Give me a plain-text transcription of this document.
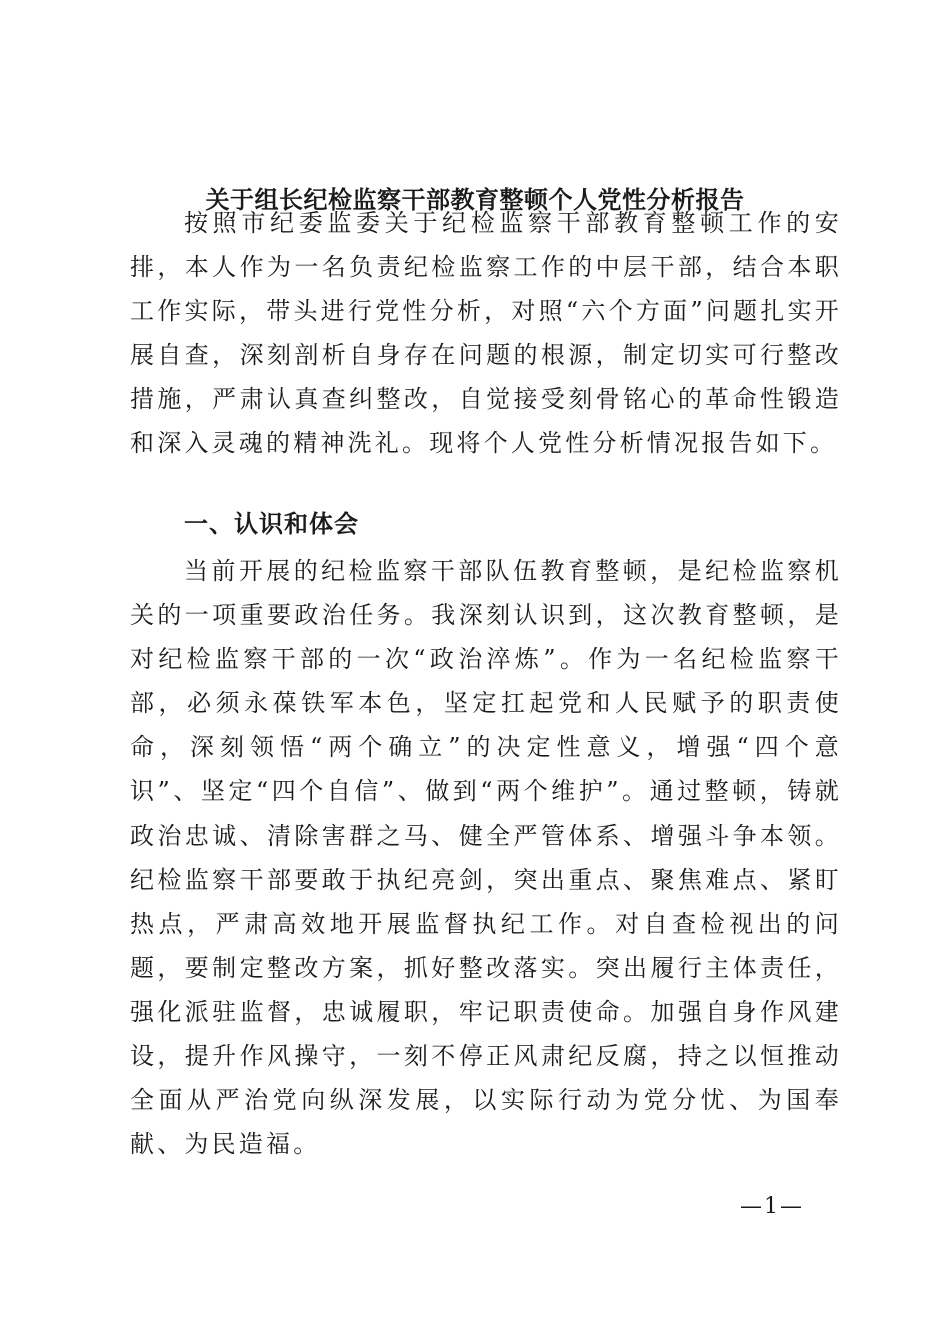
关于组长纪检监察干部教育整顿个人党性分析报告

按照市纪委监委关于纪检监察干部教育整顿工作的安排，本人作为一名负责纪检监察工作的中层干部，结合本职工作实际，带头进行党性分析，对照“六个方面”问题扎实开展自查，深刻剖析自身存在问题的根源，制定切实可行整改措施，严肃认真查纠整改，自觉接受刻骨铭心的革命性锻造和深入灵魂的精神洗礼。现将个人党性分析情况报告如下。

一、认识和体会

当前开展的纪检监察干部队伍教育整顿，是纪检监察机关的一项重要政治任务。我深刻认识到，这次教育整顿，是对纪检监察干部的一次“政治淬炼”。作为一名纪检监察干部，必须永葆铁军本色，坚定扛起党和人民赋予的职责使命，深刻领悟“两个确立”的决定性意义，增强“四个意识”、坚定“四个自信”、做到“两个维护”。通过整顿，铸就政治忠诚、清除害群之马、健全严管体系、增强斗争本领。纪检监察干部要敢于执纪亮剑，突出重点、聚焦难点、紧盯热点，严肃高效地开展监督执纪工作。对自查检视出的问题，要制定整改方案，抓好整改落实。突出履行主体责任，强化派驻监督，忠诚履职，牢记职责使命。加强自身作风建设，提升作风操守，一刻不停正风肃纪反腐，持之以恒推动全面从严治党向纵深发展，以实际行动为党分忧、为国奉献、为民造福。

—1—
